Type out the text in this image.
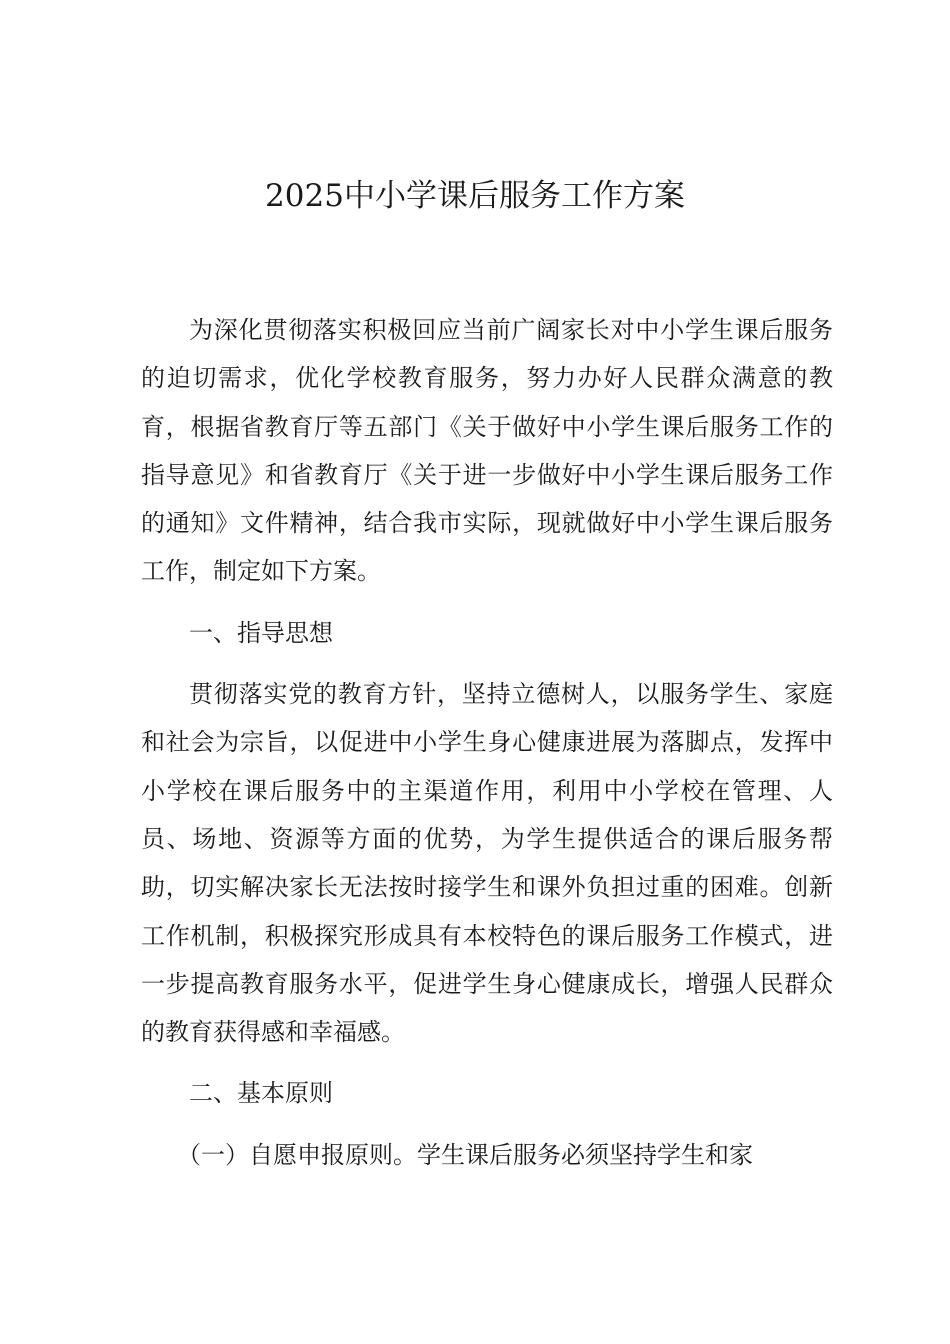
2025中小学课后服务工作方案

为深化贯彻落实积极回应当前广阔家长对中小学生课后服务的迫切需求，优化学校教育服务，努力办好人民群众满意的教育，根据省教育厅等五部门《关于做好中小学生课后服务工作的指导意见》和省教育厅《关于进一步做好中小学生课后服务工作的通知》文件精神，结合我市实际，现就做好中小学生课后服务工作，制定如下方案。

一、指导思想

贯彻落实党的教育方针，坚持立德树人，以服务学生、家庭和社会为宗旨，以促进中小学生身心健康进展为落脚点，发挥中小学校在课后服务中的主渠道作用，利用中小学校在管理、人员、场地、资源等方面的优势，为学生提供适合的课后服务帮助，切实解决家长无法按时接学生和课外负担过重的困难。创新工作机制，积极探究形成具有本校特色的课后服务工作模式，进一步提高教育服务水平，促进学生身心健康成长，增强人民群众的教育获得感和幸福感。

二、基本原则

（一）自愿申报原则。学生课后服务必须坚持学生和家
